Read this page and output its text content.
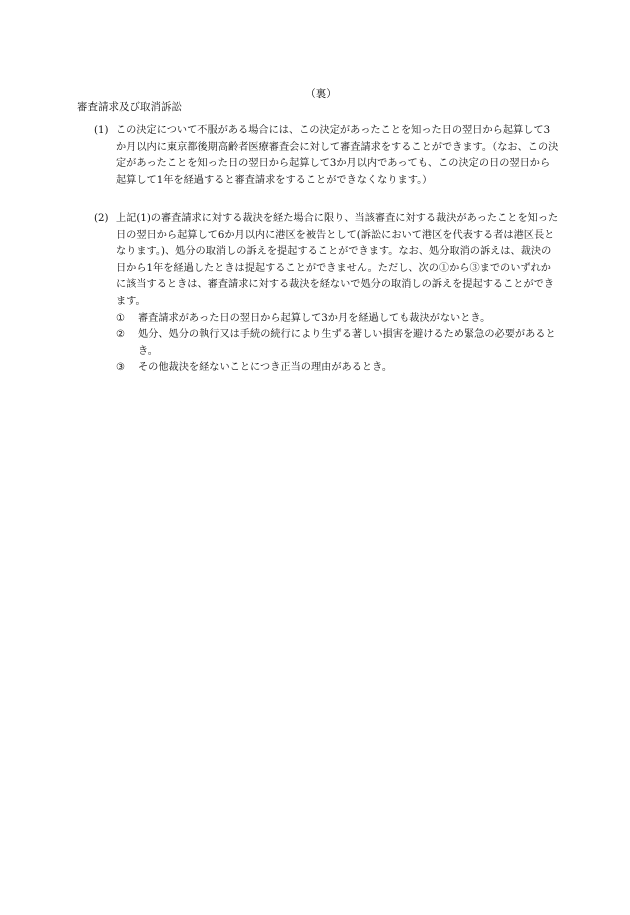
（裏）
審査請求及び取消訴訟
(1) この決定について不服がある場合には、この決定があったことを知った日の翌日から起算して3か月以内に東京都後期高齢者医療審査会に対して審査請求をすることができます。（なお、この決定があったことを知った日の翌日から起算して3か月以内であっても、この決定の日の翌日から起算して1年を経過すると審査請求をすることができなくなります。）

(2) 上記(1)の審査請求に対する裁決を経た場合に限り、当該審査に対する裁決があったことを知った日の翌日から起算して6か月以内に港区を被告として(訴訟において港区を代表する者は港区長となります。)、処分の取消しの訴えを提起することができます。なお、処分取消の訴えは、裁決の日から1年を経過したときは提起することができません。ただし、次の①から③までのいずれかに該当するときは、審査請求に対する裁決を経ないで処分の取消しの訴えを提起することができます。

①	審査請求があった日の翌日から起算して3か月を経過しても裁決がないとき。
②	処分、処分の執行又は手続の続行により生ずる著しい損害を避けるため緊急の必要があるとき。
③	その他裁決を経ないことにつき正当の理由があるとき。
